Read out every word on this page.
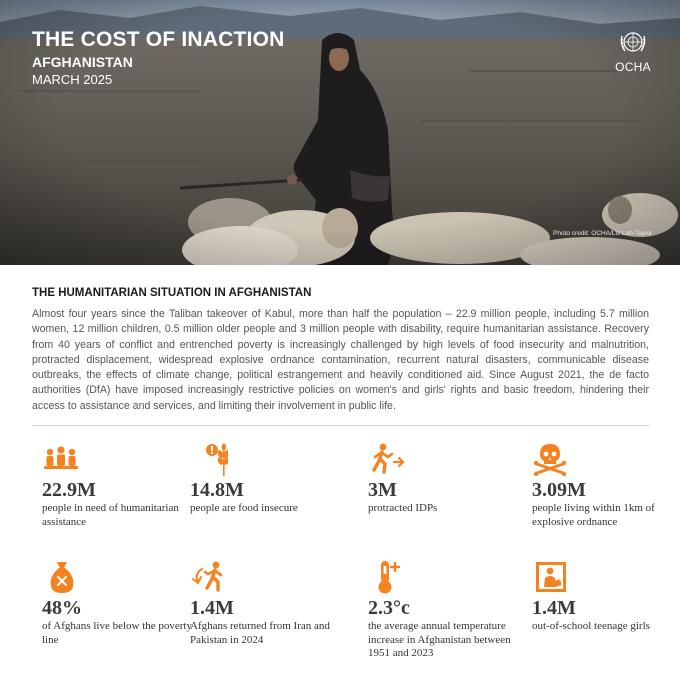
THE COST OF INACTION
AFGHANISTAN
MARCH 2025
OCHA
Photo credit: OCHA/Liz Loh-Taylor
THE HUMANITARIAN SITUATION IN AFGHANISTAN

Almost four years since the Taliban takeover of Kabul, more than half the population – 22.9 million people, including 5.7 million women, 12 million children, 0.5 million older people and 3 million people with disability, require humanitarian assistance. Recovery from 40 years of conflict and entrenched poverty is increasingly challenged by high levels of food insecurity and malnutrition, protracted displacement, widespread explosive ordnance contamination, recurrent natural disasters, communicable disease outbreaks, the effects of climate change, political estrangement and heavily conditioned aid. Since August 2021, the de facto authorities (DfA) have imposed increasingly restrictive policies on women's and girls' rights and basic freedom, hindering their access to assistance and services, and limiting their involvement in public life.

22.9M
people in need of humanitarian assistance
14.8M
people are food insecure
3M
protracted IDPs
3.09M
people living within 1km of explosive ordnance
48%
of Afghans live below the poverty line
1.4M
Afghans returned from Iran and Pakistan in 2024
2.3°c
the average annual temperature increase in Afghanistan between 1951 and 2023
1.4M
out-of-school teenage girls
